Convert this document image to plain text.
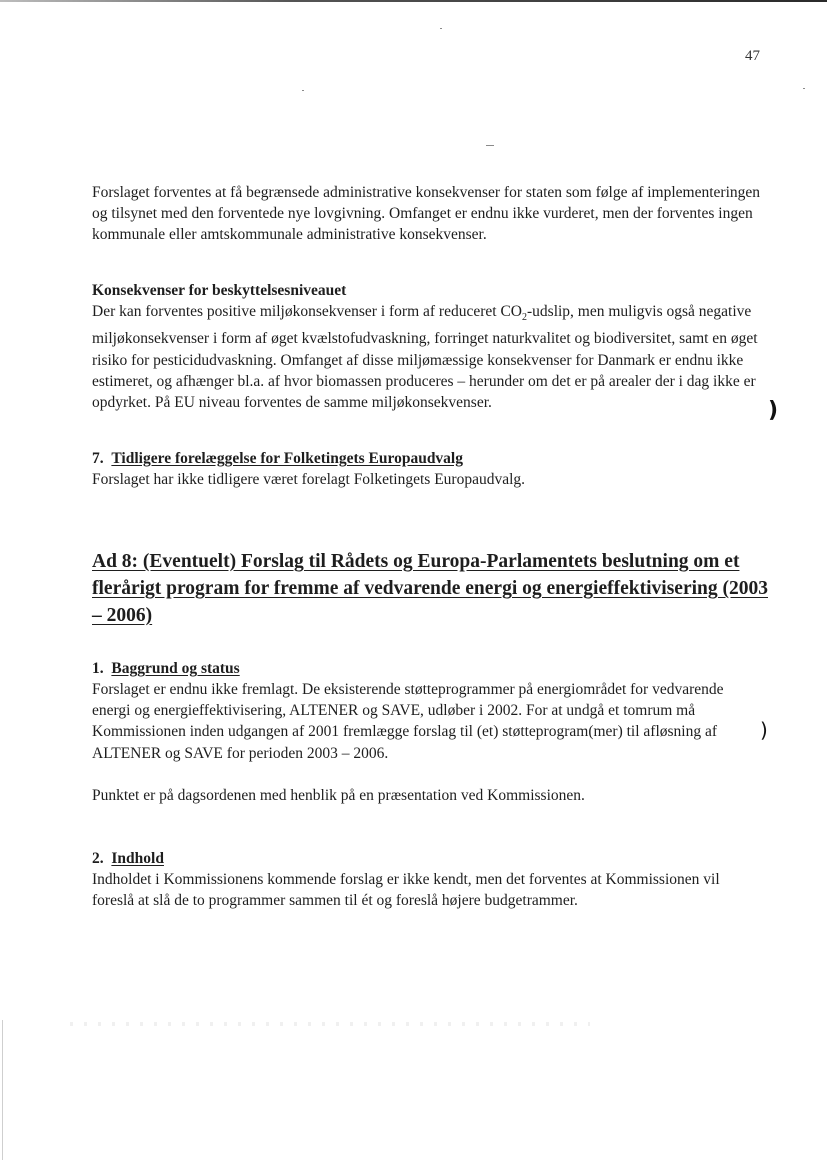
47

Forslaget forventes at få begrænsede administrative konsekvenser for staten som følge af implementeringen og tilsynet med den forventede nye lovgivning. Omfanget er endnu ikke vurderet, men der forventes ingen kommunale eller amtskommunale administrative konsekvenser.

Konsekvenser for beskyttelsesniveauet

Der kan forventes positive miljøkonsekvenser i form af reduceret $CO_2$-udslip, men muligvis også negative miljøkonsekvenser i form af øget kvælstofudvaskning, forringet naturkvalitet og biodiversitet, samt en øget risiko for pesticidudvaskning. Omfanget af disse miljømæssige konsekvenser for Danmark er endnu ikke estimeret, og afhænger bl.a. af hvor biomassen produceres – herunder om det er på arealer der i dag ikke er opdyrket. På EU niveau forventes de samme miljøkonsekvenser.	)

7. Tidligere forelæggelse for Folketingets Europaudvalg

Forslaget har ikke tidligere været forelagt Folketingets Europaudvalg.

Ad 8: (Eventuelt) Forslag til Rådets og Europa-Parlamentets beslutning om et flerårigt program for fremme af vedvarende energi og energieffektivisering (2003 – 2006)

1. Baggrund og status

Forslaget er endnu ikke fremlagt. De eksisterende støtteprogrammer på energiområdet for vedvarende energi og energieffektivisering, ALTENER og SAVE, udløber i 2002. For at undgå et tomrum må Kommissionen inden udgangen af 2001 fremlægge forslag til (et) støtteprogram(mer) til afløsning af ALTENER og SAVE for perioden 2003 – 2006.

Punktet er på dagsordenen med henblik på en præsentation ved Kommissionen.

)

2. Indhold

Indholdet i Kommissionens kommende forslag er ikke kendt, men det forventes at Kommissionen vil foreslå at slå de to programmer sammen til ét og foreslå højere budgetrammer.
